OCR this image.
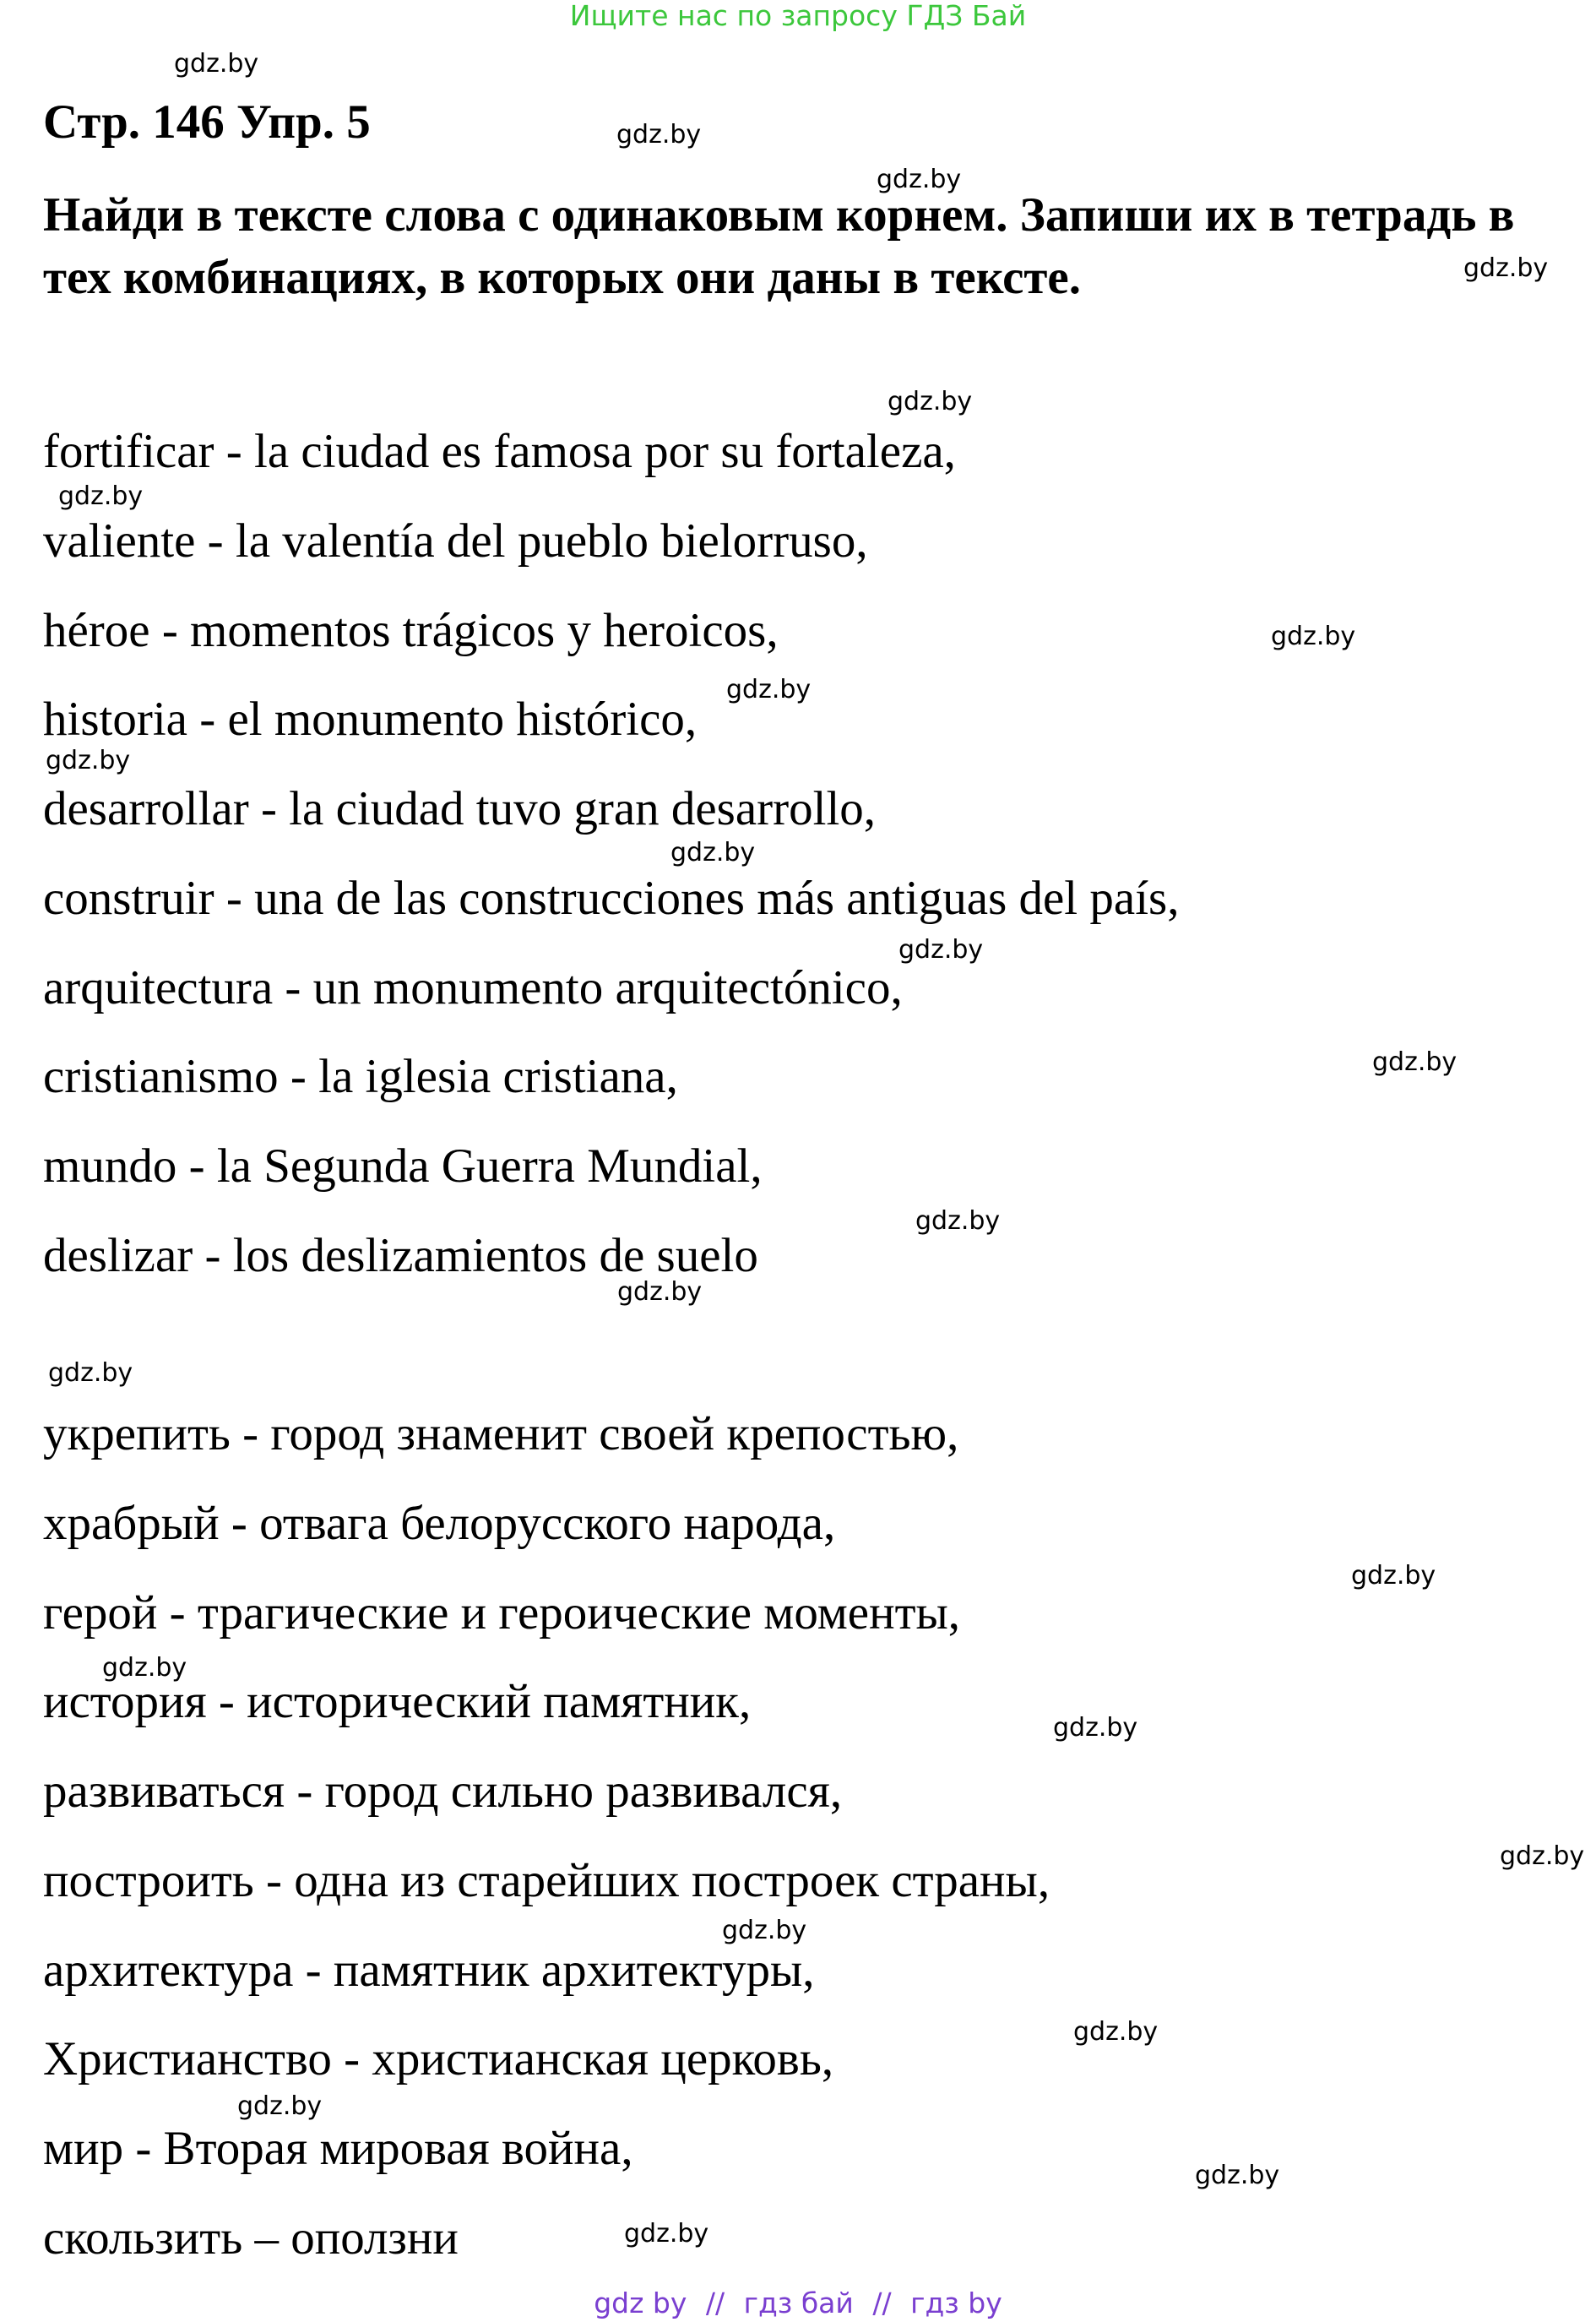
Ищите нас по запросу ГДЗ Бай
Стр. 146 Упр. 5

Найди в тексте слова с одинаковым корнем. Запиши их в тетрадь в тех комбинациях, в которых они даны в тексте.

fortificar - la ciudad es famosa por su fortaleza,

valiente - la valentía del pueblo bielorruso,

héroe - momentos trágicos y heroicos,

historia - el monumento histórico,

desarrollar - la ciudad tuvo gran desarrollo,

construir - una de las construcciones más antiguas del país,

arquitectura - un monumento arquitectónico,

cristianismo - la iglesia cristiana,

mundo - la Segunda Guerra Mundial,

deslizar - los deslizamientos de suelo

укрепить - город знаменит своей крепостью,

храбрый - отвага белорусского народа,

герой - трагические и героические моменты,

история - исторический памятник,

развиваться - город сильно развивался,

построить - одна из старейших построек страны,

архитектура - памятник архитектуры,

Христианство - христианская церковь,

мир - Вторая мировая война,

скользить – оползни

gdz.by
gdz.by
gdz.by
gdz.by
gdz.by
gdz.by
gdz.by
gdz.by
gdz.by
gdz.by
gdz.by
gdz.by
gdz.by
gdz.by
gdz.by
gdz.by
gdz.by
gdz.by
gdz.by
gdz.by
gdz.by
gdz.by
gdz.by
gdz.by
gdz by // гдз бай // гдз by
